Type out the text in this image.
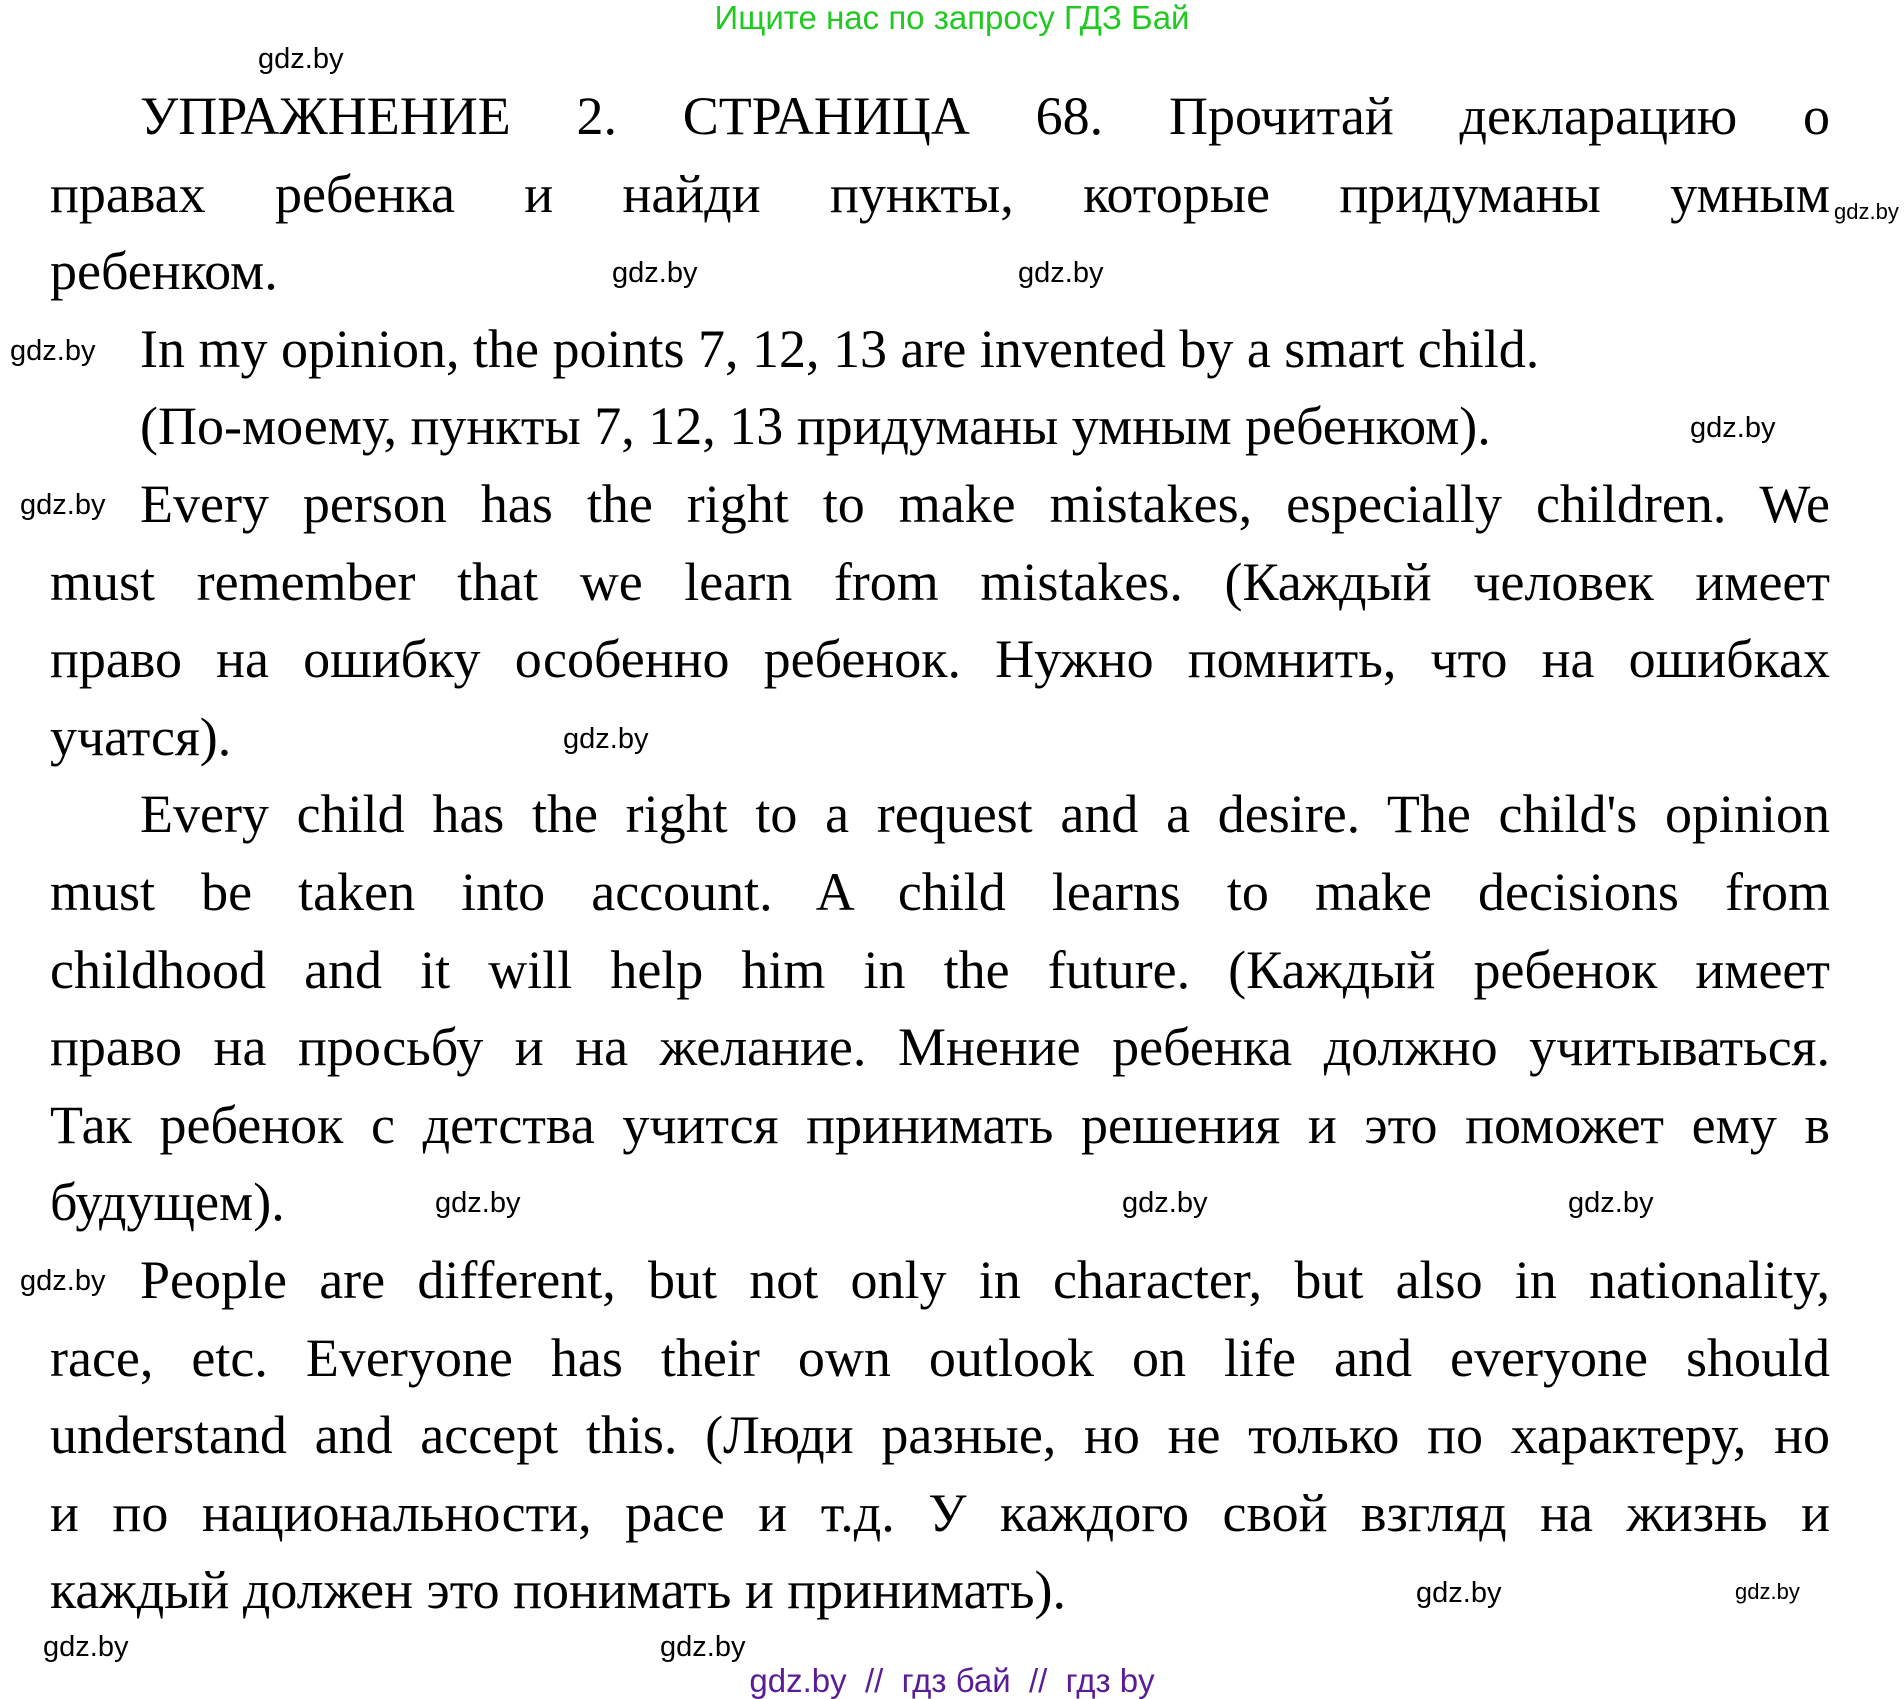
Ищите нас по запросу ГДЗ Бай
УПРАЖНЕНИЕ 2. СТРАНИЦА 68. Прочитай декларацию о
правах ребенка и найди пункты, которые придуманы умным
ребенком.
In my opinion, the points 7, 12, 13 are invented by a smart child.
(По-моему, пункты 7, 12, 13 придуманы умным ребенком).
Every person has the right to make mistakes, especially children. We
must remember that we learn from mistakes. (Каждый человек имеет
право на ошибку особенно ребенок. Нужно помнить, что на ошибках
учатся).
Every child has the right to a request and a desire. The child's opinion
must be taken into account. A child learns to make decisions from
childhood and it will help him in the future. (Каждый ребенок имеет
право на просьбу и на желание. Мнение ребенка должно учитываться.
Так ребенок с детства учится принимать решения и это поможет ему в
будущем).
People are different, but not only in character, but also in nationality,
race, etc. Everyone has their own outlook on life and everyone should
understand and accept this. (Люди разные, но не только по характеру, но
и по национальности, расе и т.д. У каждого свой взгляд на жизнь и
каждый должен это понимать и принимать).
gdz.by
gdz.by
gdz.by
gdz.by
gdz.by
gdz.by
gdz.by
gdz.by
gdz.by
gdz.by
gdz.by
gdz.by
gdz.by
gdz.by
gdz.by
gdz.by
gdz.by  //  гдз бай  //  гдз by
